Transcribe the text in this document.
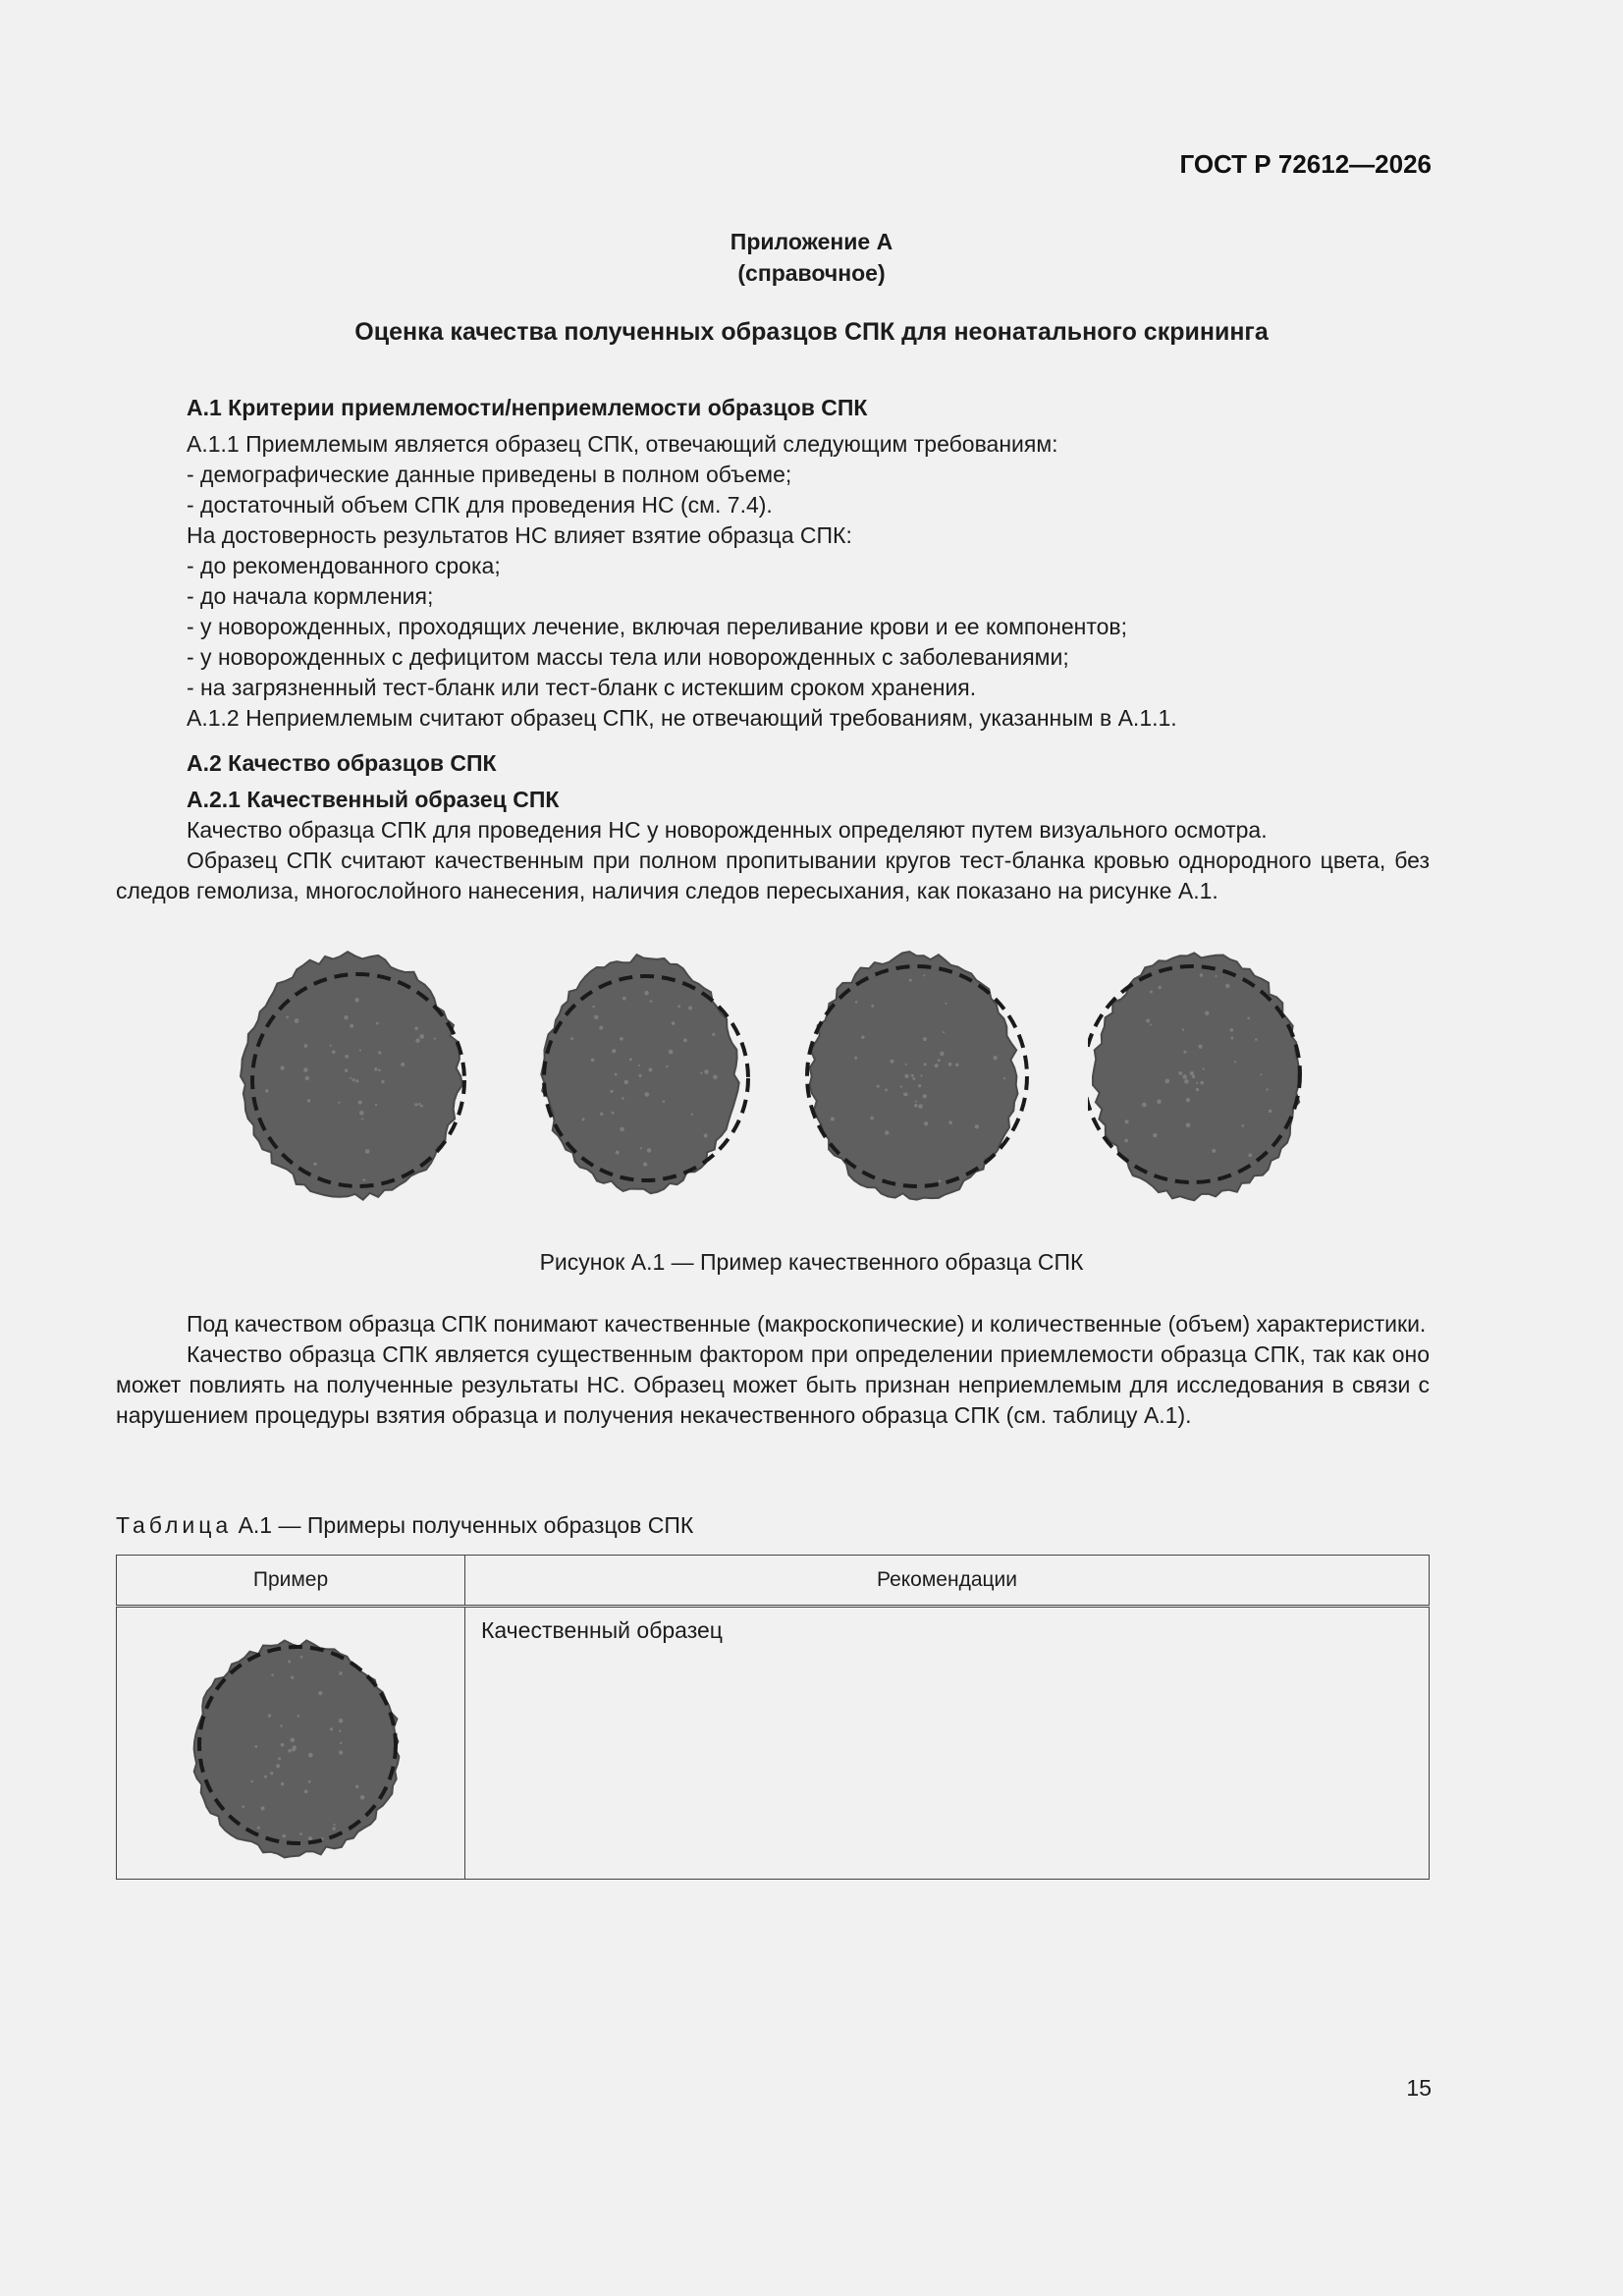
ГОСТ Р 72612—2026
Приложение А
(справочное)
Оценка качества полученных образцов СПК для неонатального скрининга
А.1 Критерии приемлемости/неприемлемости образцов СПК
А.1.1 Приемлемым является образец СПК, отвечающий следующим требованиям:
- демографические данные приведены в полном объеме;
- достаточный объем СПК для проведения НС (см. 7.4).
На достоверность результатов НС влияет взятие образца СПК:
- до рекомендованного срока;
- до начала кормления;
- у новорожденных, проходящих лечение, включая переливание крови и ее компонентов;
- у новорожденных с дефицитом массы тела или новорожденных с заболеваниями;
- на загрязненный тест-бланк или тест-бланк с истекшим сроком хранения.
А.1.2 Неприемлемым считают образец СПК, не отвечающий требованиям, указанным в А.1.1.
А.2 Качество образцов СПК
А.2.1 Качественный образец СПК
Качество образца СПК для проведения НС у новорожденных определяют путем визуального осмотра.
Образец СПК считают качественным при полном пропитывании кругов тест-бланка кровью однородного цвета, без следов гемолиза, многослойного нанесения, наличия следов пересыхания, как показано на рисунке А.1.
Рисунок А.1 — Пример качественного образца СПК
Под качеством образца СПК понимают качественные (макроскопические) и количественные (объем) характеристики.
Качество образца СПК является существенным фактором при определении приемлемости образца СПК, так как оно может повлиять на полученные результаты НС. Образец может быть признан неприемлемым для исследования в связи с нарушением процедуры взятия образца и получения некачественного образца СПК (см. таблицу А.1).
Таблица А.1 — Примеры полученных образцов СПК
Пример	Рекомендации

	Качественный образец
15
